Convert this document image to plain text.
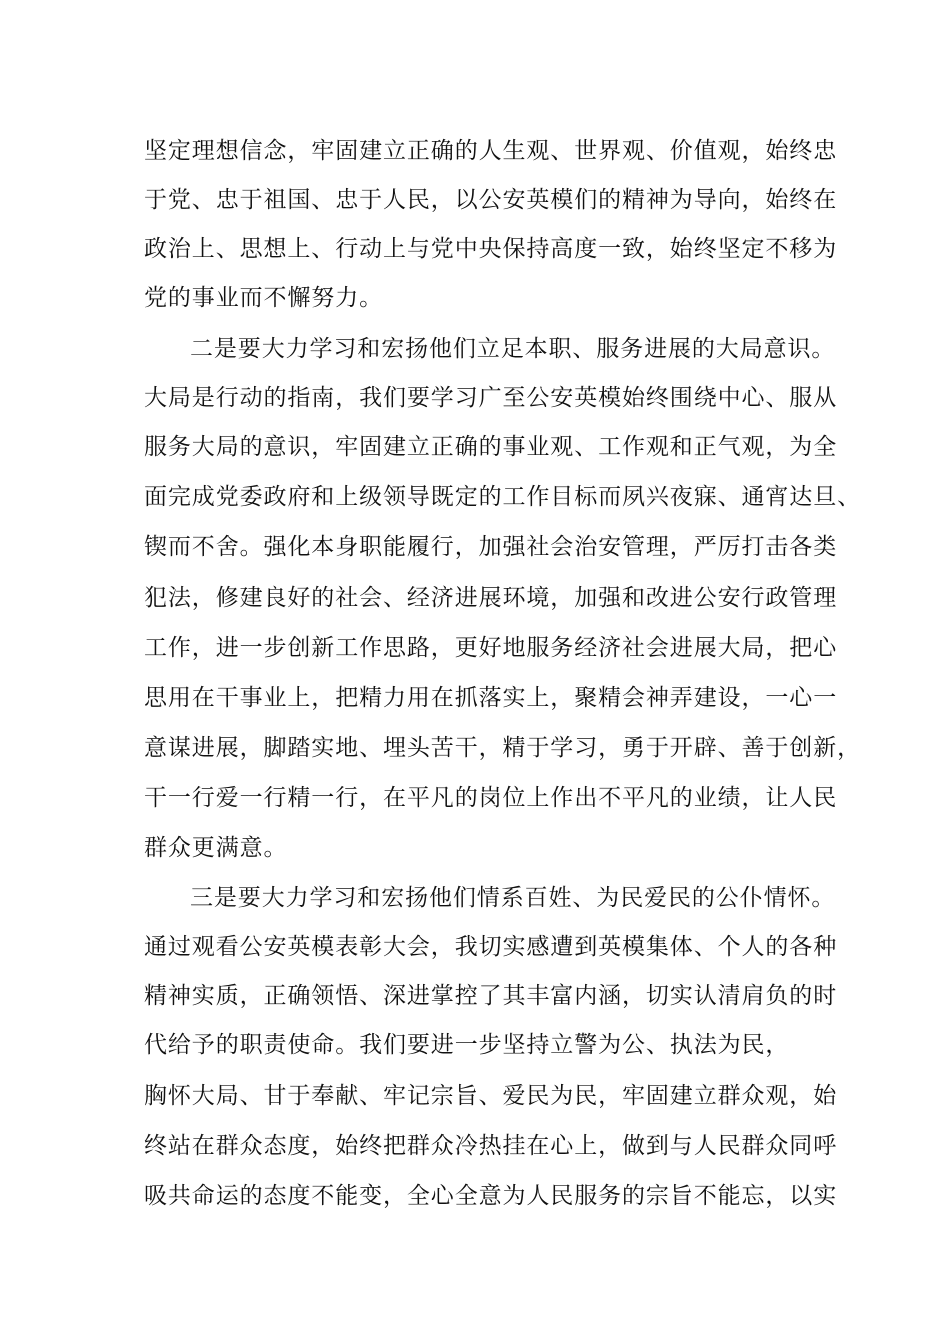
坚定理想信念，牢固建立正确的人生观、世界观、价值观，始终忠
于党、忠于祖国、忠于人民，以公安英模们的精神为导向，始终在
政治上、思想上、行动上与党中央保持高度一致，始终坚定不移为
党的事业而不懈努力。
二是要大力学习和宏扬他们立足本职、服务进展的大局意识。
大局是行动的指南，我们要学习广至公安英模始终围绕中心、服从
服务大局的意识，牢固建立正确的事业观、工作观和正气观，为全
面完成党委政府和上级领导既定的工作目标而夙兴夜寐、通宵达旦、
锲而不舍。强化本身职能履行，加强社会治安管理，严厉打击各类
犯法，修建良好的社会、经济进展环境，加强和改进公安行政管理
工作，进一步创新工作思路，更好地服务经济社会进展大局，把心
思用在干事业上，把精力用在抓落实上，聚精会神弄建设，一心一
意谋进展，脚踏实地、埋头苦干，精于学习，勇于开辟、善于创新，
干一行爱一行精一行，在平凡的岗位上作出不平凡的业绩，让人民
群众更满意。
三是要大力学习和宏扬他们情系百姓、为民爱民的公仆情怀。
通过观看公安英模表彰大会，我切实感遭到英模集体、个人的各种
精神实质，正确领悟、深进掌控了其丰富内涵，切实认清肩负的时
代给予的职责使命。我们要进一步坚持立警为公、执法为民，
胸怀大局、甘于奉献、牢记宗旨、爱民为民，牢固建立群众观，始
终站在群众态度，始终把群众冷热挂在心上，做到与人民群众同呼
吸共命运的态度不能变，全心全意为人民服务的宗旨不能忘，以实
